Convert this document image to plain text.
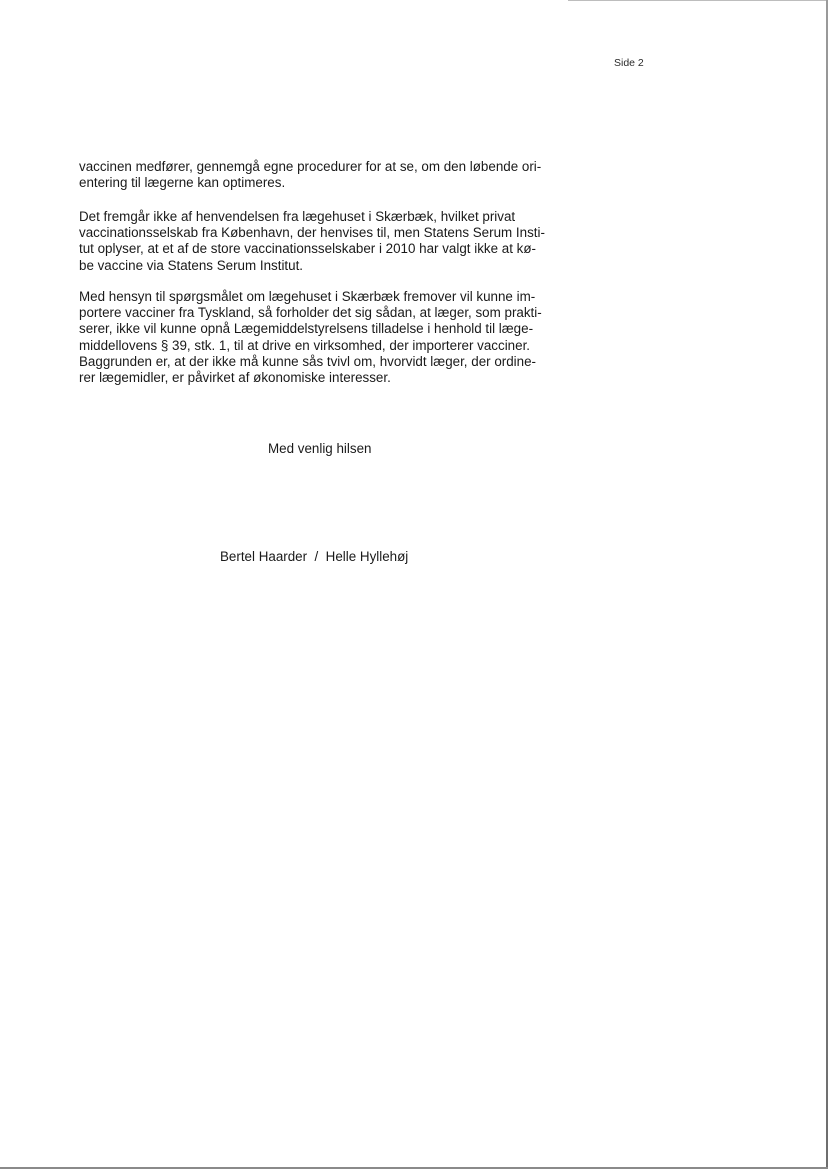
Side 2

vaccinen medfører, gennemgå egne procedurer for at se, om den løbende ori-
entering til lægerne kan optimeres.

Det fremgår ikke af henvendelsen fra lægehuset i Skærbæk, hvilket privat
vaccinationsselskab fra København, der henvises til, men Statens Serum Insti-
tut oplyser, at et af de store vaccinationsselskaber i 2010 har valgt ikke at kø-
be vaccine via Statens Serum Institut.

Med hensyn til spørgsmålet om lægehuset i Skærbæk fremover vil kunne im-
portere vacciner fra Tyskland, så forholder det sig sådan, at læger, som prakti-
serer, ikke vil kunne opnå Lægemiddelstyrelsens tilladelse i henhold til læge-
middellovens § 39, stk. 1, til at drive en virksomhed, der importerer vacciner.
Baggrunden er, at der ikke må kunne sås tvivl om, hvorvidt læger, der ordine-
rer lægemidler, er påvirket af økonomiske interesser.

Med venlig hilsen
Bertel Haarder  /  Helle Hyllehøj
